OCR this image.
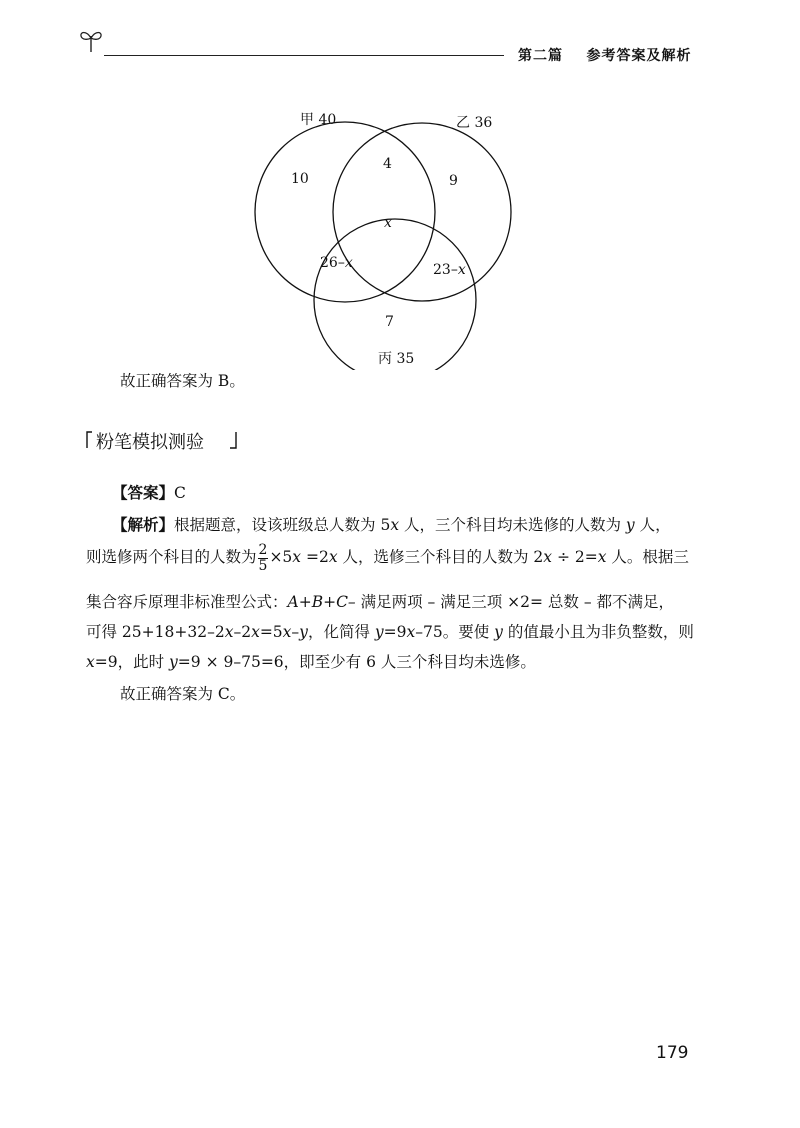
第二篇 参考答案及解析
甲 40	乙 36
丙 35
10
4
9
x
26–x	23–x
7
故正确答案为 B。
粉笔模拟测验
【答案】C
【解析】根据题意，设该班级总人数为 5x 人，三个科目均未选修的人数为 y 人，
则选修两个科目的人数为 $\frac{2}{5} \times 5x =2x$ 人，选修三个科目的人数为 2x ÷ 2=x 人。根据三
集合容斥原理非标准型公式：A+B+C– 满足两项 – 满足三项 ×2= 总数 – 都不满足，
可得 25+18+32–2x–2x=5x–y，化简得 y=9x–75。要使 y 的值最小且为非负整数，则
x=9，此时 y=9 × 9–75=6，即至少有 6 人三个科目均未选修。
故正确答案为 C。
179
